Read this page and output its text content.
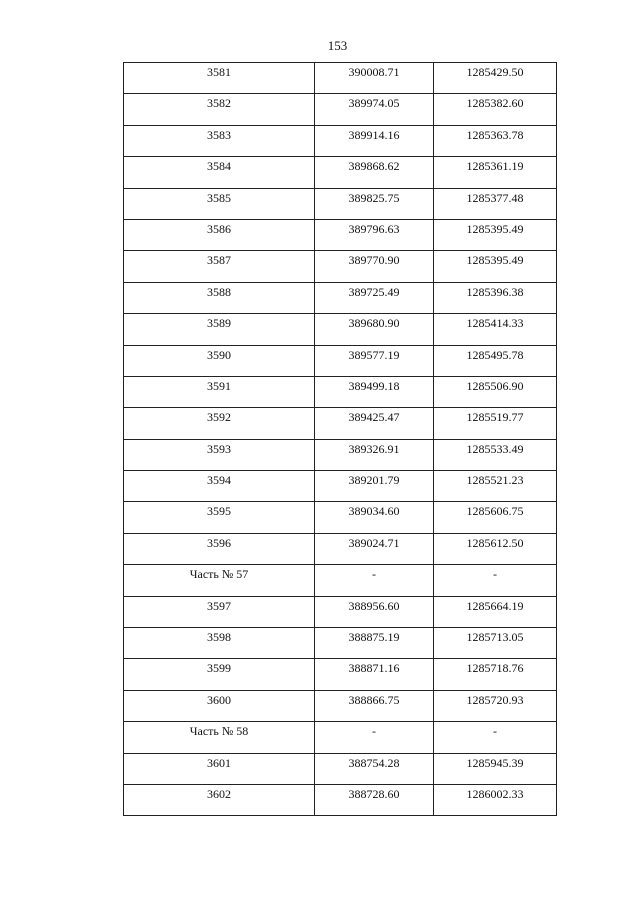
153
3581	390008.71	1285429.50
3582	389974.05	1285382.60
3583	389914.16	1285363.78
3584	389868.62	1285361.19
3585	389825.75	1285377.48
3586	389796.63	1285395.49
3587	389770.90	1285395.49
3588	389725.49	1285396.38
3589	389680.90	1285414.33
3590	389577.19	1285495.78
3591	389499.18	1285506.90
3592	389425.47	1285519.77
3593	389326.91	1285533.49
3594	389201.79	1285521.23
3595	389034.60	1285606.75
3596	389024.71	1285612.50
Часть № 57	-	-
3597	388956.60	1285664.19
3598	388875.19	1285713.05
3599	388871.16	1285718.76
3600	388866.75	1285720.93
Часть № 58	-	-
3601	388754.28	1285945.39
3602	388728.60	1286002.33
